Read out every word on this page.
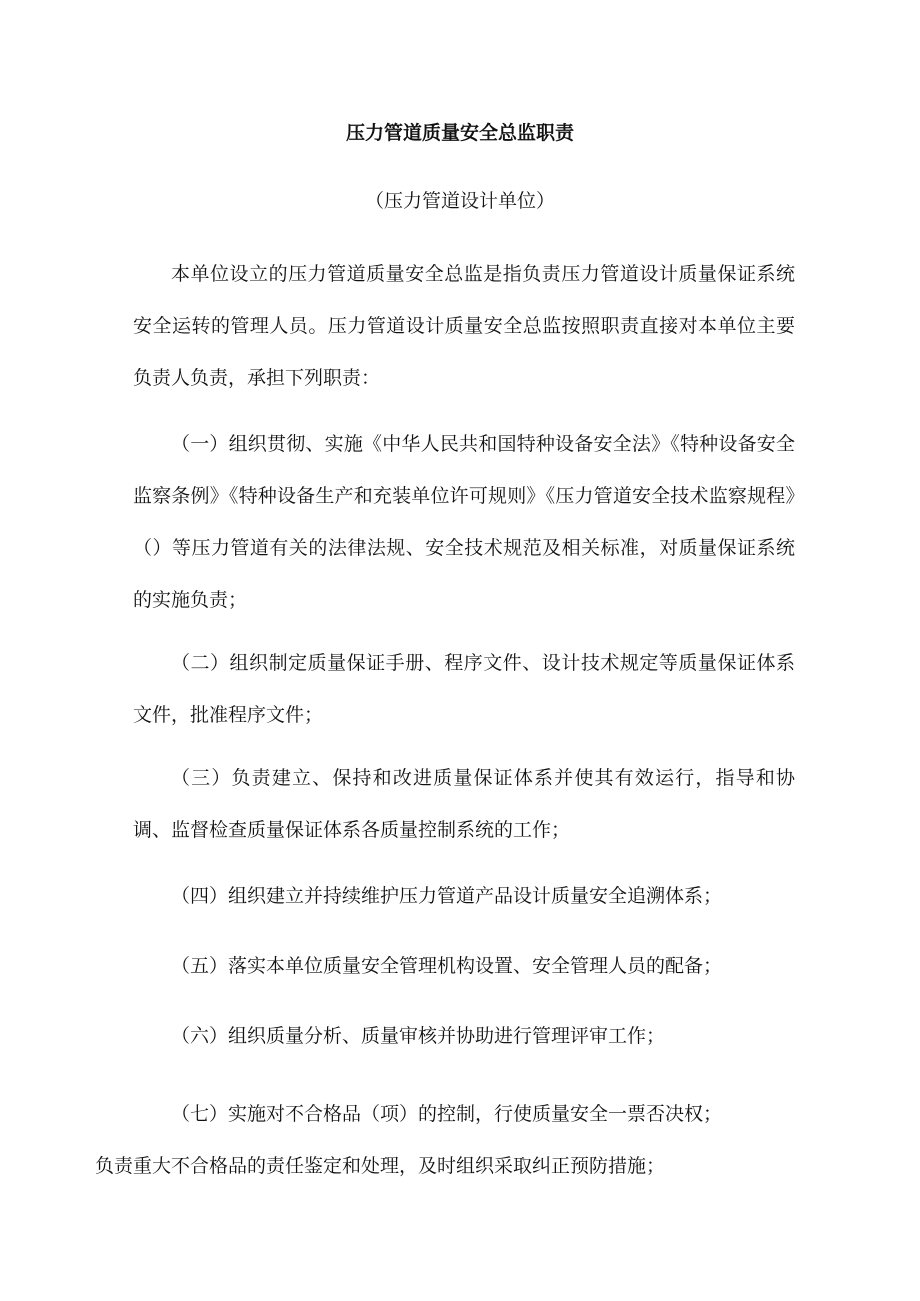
压力管道质量安全总监职责
（压力管道设计单位）

本单位设立的压力管道质量安全总监是指负责压力管道设计质量保证系统安全运转的管理人员。压力管道设计质量安全总监按照职责直接对本单位主要负责人负责，承担下列职责：

（一）组织贯彻、实施《中华人民共和国特种设备安全法》《特种设备安全监察条例》《特种设备生产和充装单位许可规则》《压力管道安全技术监察规程》（）等压力管道有关的法律法规、安全技术规范及相关标准，对质量保证系统的实施负责；

（二）组织制定质量保证手册、程序文件、设计技术规定等质量保证体系文件，批准程序文件；

（三）负责建立、保持和改进质量保证体系并使其有效运行，指导和协调、监督检查质量保证体系各质量控制系统的工作；

（四）组织建立并持续维护压力管道产品设计质量安全追溯体系；

（五）落实本单位质量安全管理机构设置、安全管理人员的配备；

（六）组织质量分析、质量审核并协助进行管理评审工作；

（七）实施对不合格品（项）的控制，行使质量安全一票否决权；
负责重大不合格品的责任鉴定和处理，及时组织采取纠正预防措施；
